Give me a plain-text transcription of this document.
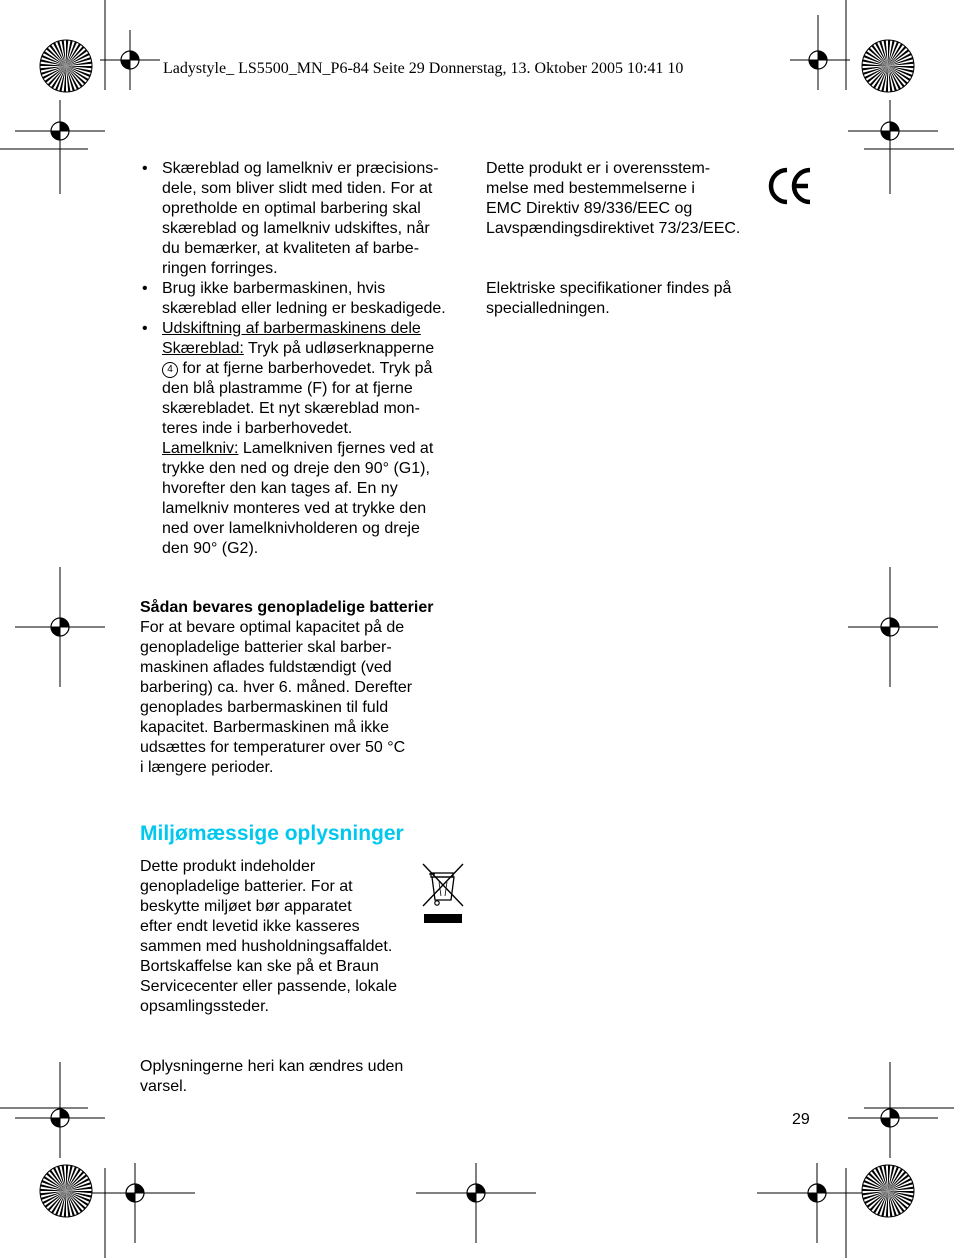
Ladystyle_ LS5500_MN_P6-84 Seite 29 Donnerstag, 13. Oktober 2005 10:41 10
• Skæreblad og lamelkniv er præcisions-
dele, som bliver slidt med tiden. For at
opretholde en optimal barbering skal
skæreblad og lamelkniv udskiftes, når
du bemærker, at kvaliteten af barbe-
ringen forringes.
• Brug ikke barbermaskinen, hvis
skæreblad eller ledning er beskadigede.
• Udskiftning af barbermaskinens dele
Skæreblad: Tryk på udløserknapperne
4 for at fjerne barberhovedet. Tryk på
den blå plastramme (F) for at fjerne
skærebladet. Et nyt skæreblad mon-
teres inde i barberhovedet.
Lamelkniv: Lamelkniven fjernes ved at
trykke den ned og dreje den 90° (G1),
hvorefter den kan tages af. En ny
lamelkniv monteres ved at trykke den
ned over lamelknivholderen og dreje
den 90° (G2).
Sådan bevares genopladelige batterier
For at bevare optimal kapacitet på de
genopladelige batterier skal barber-
maskinen aflades fuldstændigt (ved
barbering) ca. hver 6. måned. Derefter
genoplades barbermaskinen til fuld
kapacitet. Barbermaskinen må ikke
udsættes for temperaturer over 50 °C
i længere perioder.
Miljømæssige oplysninger
Dette produkt indeholder
genopladelige batterier. For at
beskytte miljøet bør apparatet
efter endt levetid ikke kasseres
sammen med husholdningsaffaldet.
Bortskaffelse kan ske på et Braun
Servicecenter eller passende, lokale
opsamlingssteder.
Oplysningerne heri kan ændres uden
varsel.
Dette produkt er i overensstem-
melse med bestemmelserne i
EMC Direktiv 89/336/EEC og
Lavspændingsdirektivet 73/23/EEC.
Elektriske specifikationer findes på
specialledningen.
29
